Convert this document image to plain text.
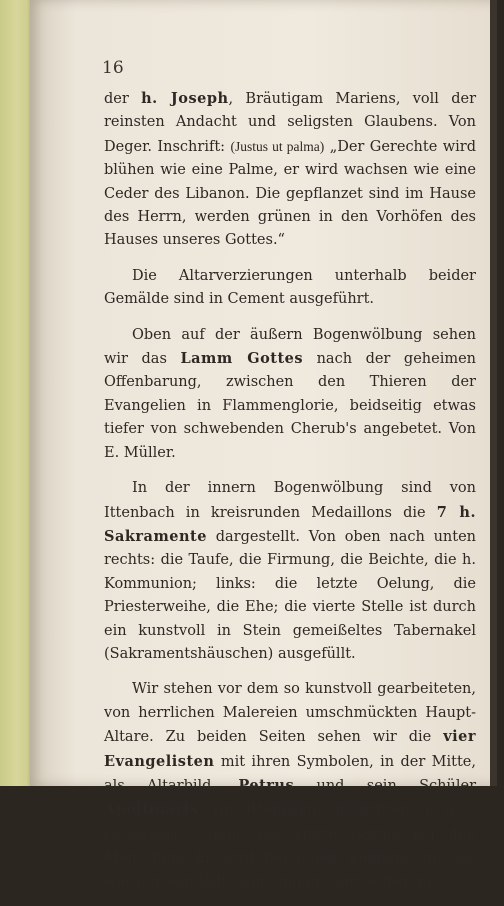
16

der h. Joseph, Bräutigam Mariens, voll der reinsten Andacht und seligsten Glaubens. Von Deger. Inschrift: (Justus ut palma) „Der Gerechte wird blühen wie eine Palme, er wird wachsen wie eine Ceder des Libanon. Die gepflanzet sind im Hause des Herrn, werden grünen in den Vorhöfen des Hauses unseres Gottes.“

Die Altarverzierungen unterhalb beider Gemälde sind in Cement ausgeführt.

Oben auf der äußern Bogenwölbung sehen wir das Lamm Gottes nach der geheimen Offenbarung, zwischen den Thieren der Evangelien in Flammenglorie, beidseitig etwas tiefer von schwebenden Cherub's angebetet. Von E. Müller.

In der innern Bogenwölbung sind von Ittenbach in kreisrunden Medaillons die 7 h. Sakramente dargestellt. Von oben nach unten rechts: die Taufe, die Firmung, die Beichte, die h. Kommunion; links: die letzte Oelung, die Priesterweihe, die Ehe; die vierte Stelle ist durch ein kunstvoll in Stein gemeißeltes Tabernakel (Sakramentshäuschen) ausgefüllt.

Wir stehen vor dem so kunstvoll gearbeiteten, von herrlichen Malereien umschmückten Haupt-Altare. Zu beiden Seiten sehen wir die vier Evangelisten mit ihren Symbolen, in der Mitte, als Altarbild, Petrus und sein Schüler Apollinaris. Von Ittenbach. Inschriften: 1) (Ecce tabernaculum) „Siehe die Hütte Gottes bei den Menschen! Er wird bei ihnen wohnen, und sie werden sein Volk sein, und er, Gott selbst mit
